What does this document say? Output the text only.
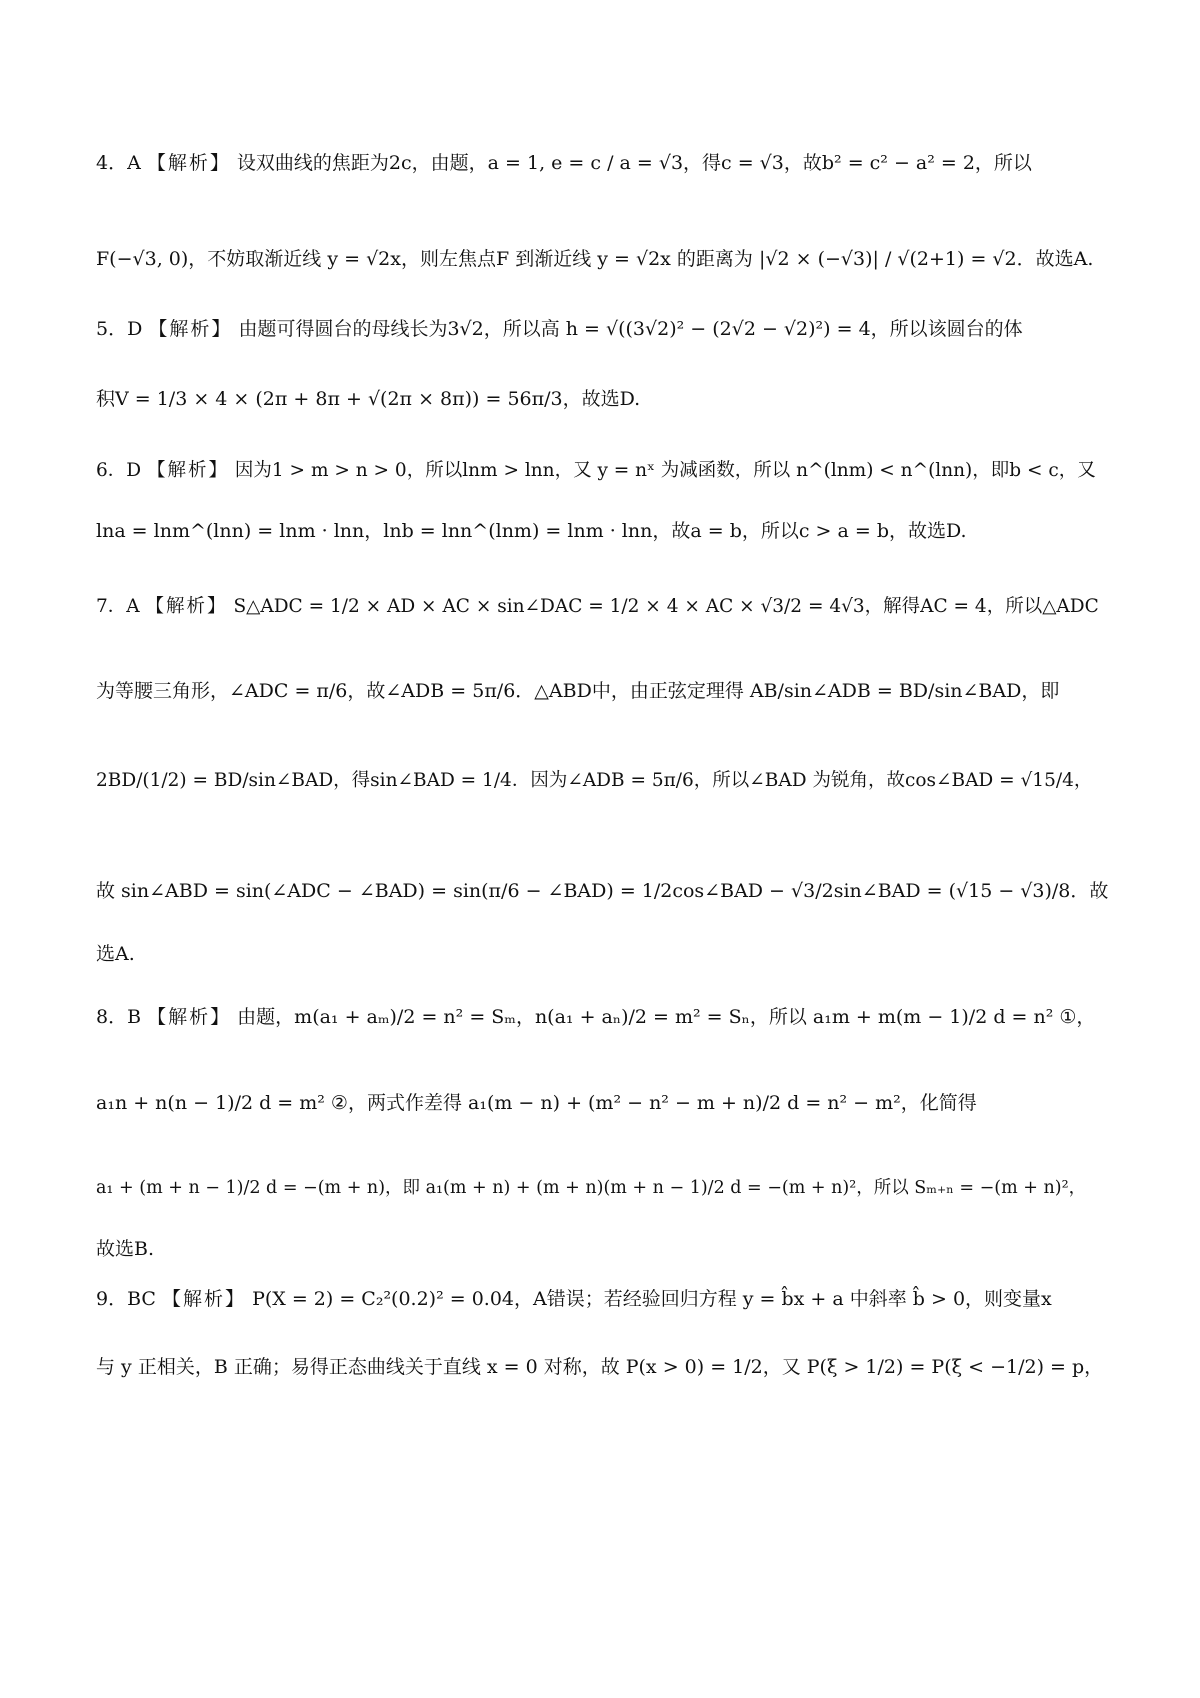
4．A 【解析】 设双曲线的焦距为2c，由题，a = 1, e = c / a = √3，得c = √3，故b² = c² − a² = 2，所以
F(−√3, 0)，不妨取渐近线 y = √2x，则左焦点F 到渐近线 y = √2x 的距离为 |√2 × (−√3)| / √(2+1) = √2．故选A.
5．D 【解析】 由题可得圆台的母线长为3√2，所以高 h = √((3√2)² − (2√2 − √2)²) = 4，所以该圆台的体
积V = 1/3 × 4 × (2π + 8π + √(2π × 8π)) = 56π/3，故选D.
6．D 【解析】 因为1 > m > n > 0，所以lnm > lnn，又 y = nˣ 为减函数，所以 n^(lnm) < n^(lnn)，即b < c，又
lna = lnm^(lnn) = lnm · lnn，lnb = lnn^(lnm) = lnm · lnn，故a = b，所以c > a = b，故选D.
7．A 【解析】 S△ADC = 1/2 × AD × AC × sin∠DAC = 1/2 × 4 × AC × √3/2 = 4√3，解得AC = 4，所以△ADC
为等腰三角形，∠ADC = π/6，故∠ADB = 5π/6．△ABD中，由正弦定理得 AB/sin∠ADB = BD/sin∠BAD，即
2BD/(1/2) = BD/sin∠BAD，得sin∠BAD = 1/4．因为∠ADB = 5π/6，所以∠BAD 为锐角，故cos∠BAD = √15/4，
故 sin∠ABD = sin(∠ADC − ∠BAD) = sin(π/6 − ∠BAD) = 1/2cos∠BAD − √3/2sin∠BAD = (√15 − √3)/8．故
选A.
8．B 【解析】 由题，m(a₁ + aₘ)/2 = n² = Sₘ，n(a₁ + aₙ)/2 = m² = Sₙ，所以 a₁m + m(m − 1)/2 d = n² ①，
a₁n + n(n − 1)/2 d = m² ②，两式作差得 a₁(m − n) + (m² − n² − m + n)/2 d = n² − m²，化简得
a₁ + (m + n − 1)/2 d = −(m + n)，即 a₁(m + n) + (m + n)(m + n − 1)/2 d = −(m + n)²，所以 Sₘ₊ₙ = −(m + n)²，
故选B.
9．BC 【解析】 P(X = 2) = C₂²(0.2)² = 0.04，A错误；若经验回归方程 y = b̂x + a 中斜率 b̂ > 0，则变量x
与 y 正相关，B 正确；易得正态曲线关于直线 x = 0 对称，故 P(x > 0) = 1/2，又 P(ξ > 1/2) = P(ξ < −1/2) = p，
